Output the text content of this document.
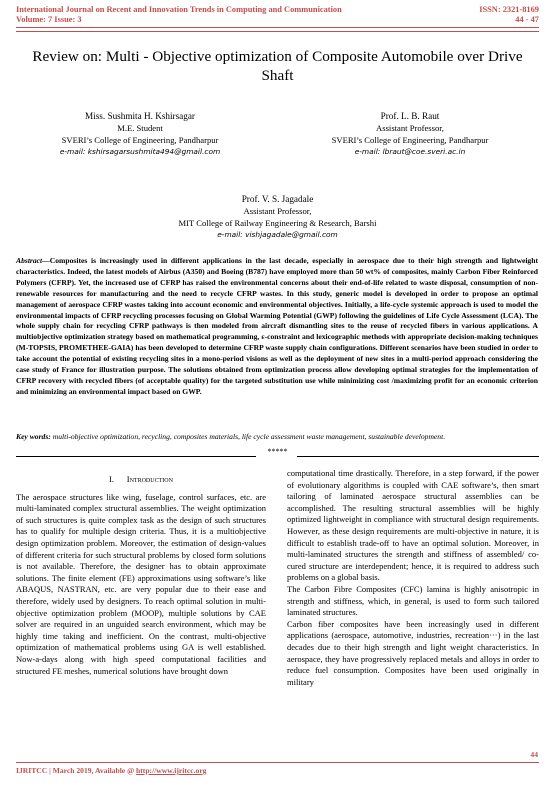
International Journal on Recent and Innovation Trends in Computing and Communication
Volume: 7 Issue: 3
ISSN: 2321-8169
44 - 47
Review on: Multi - Objective optimization of Composite Automobile over Drive Shaft
Miss. Sushmita H. Kshirsagar
M.E. Student
SVERI’s College of Engineering, Pandharpur
e-mail: kshirsagarsushmita494@gmail.com
Prof. L. B. Raut
Assistant Professor,
SVERI’s College of Engineering, Pandharpur
e-mail: lbraut@coe.sveri.ac.in
Prof. V. S. Jagadale
Assistant Professor,
MIT College of Railway Engineering & Research, Barshi
e-mail: vishjagadale@gmail.com
Abstract—Composites is increasingly used in different applications in the last decade, especially in aerospace due to their high strength and lightweight characteristics. Indeed, the latest models of Airbus (A350) and Boeing (B787) have employed more than 50 wt% of composites, mainly Carbon Fiber Reinforced Polymers (CFRP). Yet, the increased use of CFRP has raised the environmental concerns about their end-of-life related to waste disposal, consumption of non-renewable resources for manufacturing and the need to recycle CFRP wastes. In this study, generic model is developed in order to propose an optimal management of aerospace CFRP wastes taking into account economic and environmental objectives. Initially, a life-cycle systemic approach is used to model the environmental impacts of CFRP recycling processes focusing on Global Warming Potential (GWP) following the guidelines of Life Cycle Assessment (LCA). The whole supply chain for recycling CFRP pathways is then modeled from aircraft dismantling sites to the reuse of recycled fibers in various applications. A multiobjective optimization strategy based on mathematical programming, ε-constraint and lexicographic methods with appropriate decision-making techniques (M-TOPSIS, PROMETHEE-GAIA) has been developed to determine CFRP waste supply chain configurations. Different scenarios have been studied in order to take account the potential of existing recycling sites in a mono-period visions as well as the deployment of new sites in a multi-period approach considering the case study of France for illustration purpose. The solutions obtained from optimization process allow developing optimal strategies for the implementation of CFRP recovery with recycled fibers (of acceptable quality) for the targeted substitution use while minimizing cost /maximizing profit for an economic criterion and minimizing an environmental impact based on GWP.
Key words: multi-objective optimization, recycling, composites materials, life cycle assessment waste management, sustainable development.
*****
I. Introduction

The aerospace structures like wing, fuselage, control surfaces, etc. are multi-laminated complex structural assemblies. The weight optimization of such structures is quite complex task as the design of such structures has to qualify for multiple design criteria. Thus, it is a multiobjective design optimization problem. Moreover, the estimation of design-values of different criteria for such structural problems by closed form solutions is not available. Therefore, the designer has to obtain approximate solutions. The finite element (FE) approximations using software’s like ABAQUS, NASTRAN, etc. are very popular due to their ease and therefore, widely used by designers. To reach optimal solution in multi-objective optimization problem (MOOP), multiple solutions by CAE solver are required in an unguided search environment, which may be highly time taking and inefficient. On the contrast, multi-objective optimization of mathematical problems using GA is well established. Now-a-days along with high speed computational facilities and structured FE meshes, numerical solutions have brought down

computational time drastically. Therefore, in a step forward, if the power of evolutionary algorithms is coupled with CAE software’s, then smart tailoring of laminated aerospace structural assemblies can be accomplished. The resulting structural assemblies will be highly optimized lightweight in compliance with structural design requirements. However, as these design requirements are multi-objective in nature, it is difficult to establish trade-off to have an optimal solution. Moreover, in multi-laminated structures the strength and stiffness of assembled/ co-cured structure are interdependent; hence, it is required to address such problems on a global basis.

The Carbon Fibre Composites (CFC) lamina is highly anisotropic in strength and stiffness, which, in general, is used to form such tailored laminated structures.

Carbon fiber composites have been increasingly used in different applications (aerospace, automotive, industries, recreation···) in the last decades due to their high strength and light weight characteristics. In aerospace, they have progressively replaced metals and alloys in order to reduce fuel consumption. Composites have been used originally in military

44
IJRITCC | March 2019, Available @ http://www.ijritcc.org
